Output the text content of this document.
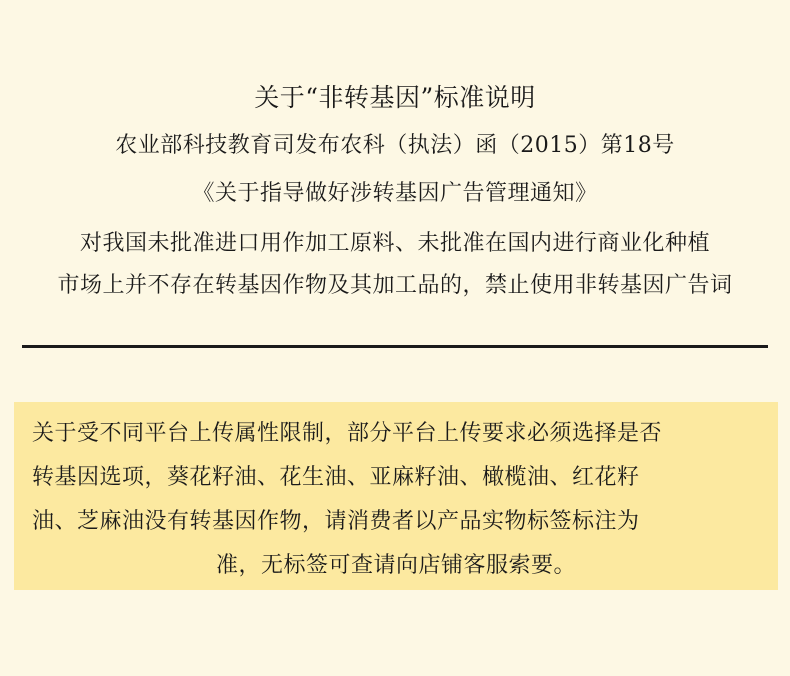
关于“非转基因”标准说明
农业部科技教育司发布农科（执法）函（2015）第18号
《关于指导做好涉转基因广告管理通知》
对我国未批准进口用作加工原料、未批准在国内进行商业化种植
市场上并不存在转基因作物及其加工品的，禁止使用非转基因广告词
关于受不同平台上传属性限制，部分平台上传要求必须选择是否
转基因选项，葵花籽油、花生油、亚麻籽油、橄榄油、红花籽
油、芝麻油没有转基因作物，请消费者以产品实物标签标注为
准，无标签可查请向店铺客服索要。
